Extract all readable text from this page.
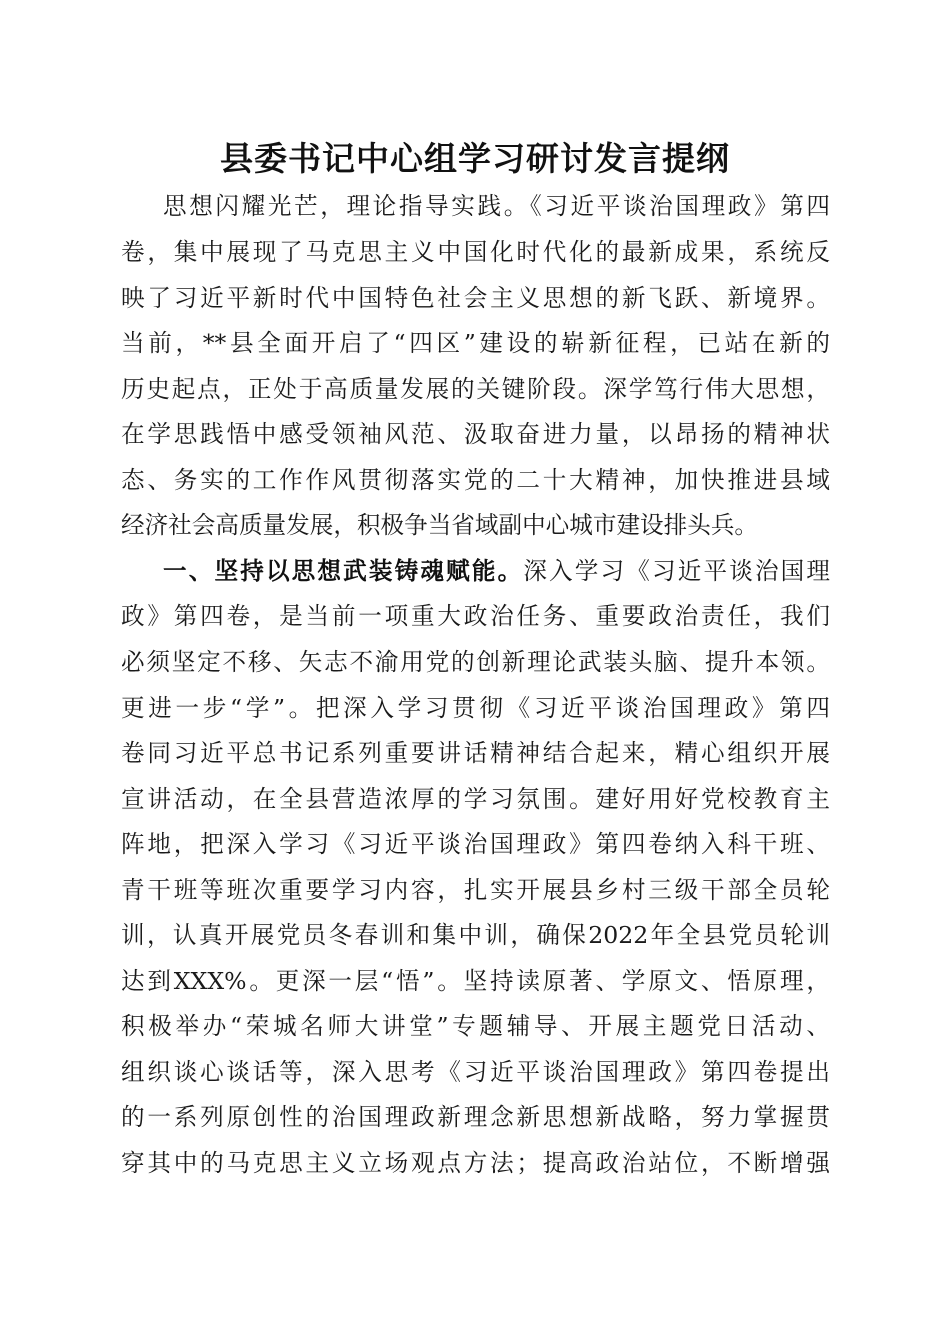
县委书记中心组学习研讨发言提纲
思想闪耀光芒，理论指导实践。《习近平谈治国理政》第四
卷，集中展现了马克思主义中国化时代化的最新成果，系统反
映了习近平新时代中国特色社会主义思想的新飞跃、新境界。
当前，**县全面开启了“四区”建设的崭新征程，已站在新的
历史起点，正处于高质量发展的关键阶段。深学笃行伟大思想，
在学思践悟中感受领袖风范、汲取奋进力量，以昂扬的精神状
态、务实的工作作风贯彻落实党的二十大精神，加快推进县域
经济社会高质量发展，积极争当省域副中心城市建设排头兵。
一、坚持以思想武装铸魂赋能。深入学习《习近平谈治国理
政》第四卷，是当前一项重大政治任务、重要政治责任，我们
必须坚定不移、矢志不渝用党的创新理论武装头脑、提升本领。
更进一步“学”。把深入学习贯彻《习近平谈治国理政》第四
卷同习近平总书记系列重要讲话精神结合起来，精心组织开展
宣讲活动，在全县营造浓厚的学习氛围。建好用好党校教育主
阵地，把深入学习《习近平谈治国理政》第四卷纳入科干班、
青干班等班次重要学习内容，扎实开展县乡村三级干部全员轮
训，认真开展党员冬春训和集中训，确保2022年全县党员轮训
达到XXX%。更深一层“悟”。坚持读原著、学原文、悟原理，
积极举办“荣城名师大讲堂”专题辅导、开展主题党日活动、
组织谈心谈话等，深入思考《习近平谈治国理政》第四卷提出
的一系列原创性的治国理政新理念新思想新战略，努力掌握贯
穿其中的马克思主义立场观点方法；提高政治站位，不断增强
